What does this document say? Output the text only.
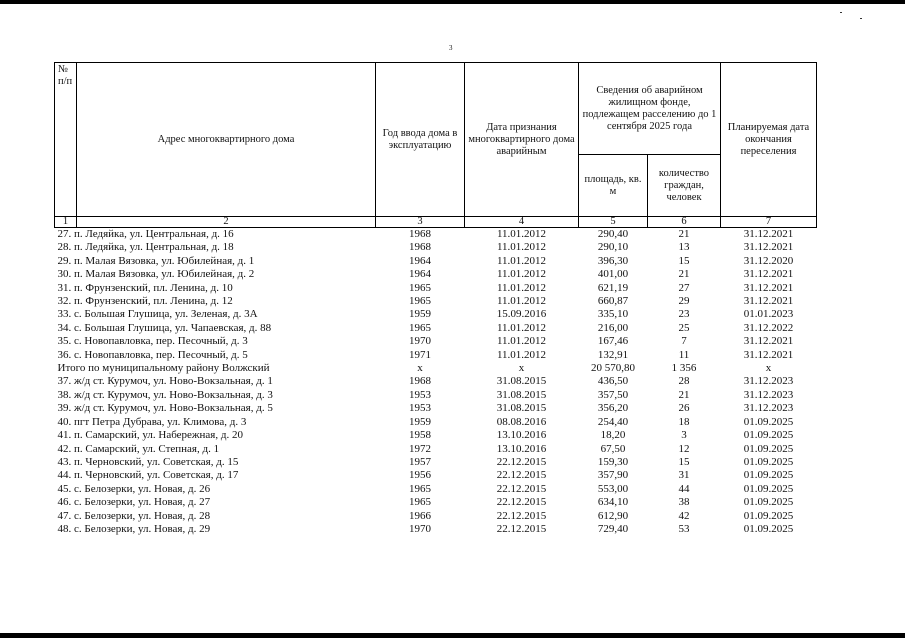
3
№ п/п	Адрес многоквартирного дома	Год ввода дома в эксплуатацию	Дата признания многоквартирного дома аварийным	Сведения об аварийном жилищном фонде, подлежащем расселению до 1 сентября 2025 года		Планируемая дата окончания переселения
				площадь, кв. м	количество граждан, человек	
1	2	3	4	5	6	7
27. п. Ледяйка, ул. Центральная, д. 16		1968	11.01.2012	290,40	21	31.12.2021
28. п. Ледяйка, ул. Центральная, д. 18		1968	11.01.2012	290,10	13	31.12.2021
29. п. Малая Вязовка, ул. Юбилейная, д. 1		1964	11.01.2012	396,30	15	31.12.2020
30. п. Малая Вязовка, ул. Юбилейная, д. 2		1964	11.01.2012	401,00	21	31.12.2021
31. п. Фрунзенский, пл. Ленина, д. 10		1965	11.01.2012	621,19	27	31.12.2021
32. п. Фрунзенский, пл. Ленина, д. 12		1965	11.01.2012	660,87	29	31.12.2021
33. с. Большая Глушица, ул. Зеленая, д. 3А		1959	15.09.2016	335,10	23	01.01.2023
34. с. Большая Глушица, ул. Чапаевская, д. 88		1965	11.01.2012	216,00	25	31.12.2022
35. с. Новопавловка, пер. Песочный, д. 3		1970	11.01.2012	167,46	7	31.12.2021
36. с. Новопавловка, пер. Песочный, д. 5		1971	11.01.2012	132,91	11	31.12.2021
Итого по муниципальному району Волжский		х	х	20 570,80	1 356	х
37. ж/д ст. Курумоч, ул. Ново-Вокзальная, д. 1		1968	31.08.2015	436,50	28	31.12.2023
38. ж/д ст. Курумоч, ул. Ново-Вокзальная, д. 3		1953	31.08.2015	357,50	21	31.12.2023
39. ж/д ст. Курумоч, ул. Ново-Вокзальная, д. 5		1953	31.08.2015	356,20	26	31.12.2023
40. пгт Петра Дубрава, ул. Климова, д. 3		1959	08.08.2016	254,40	18	01.09.2025
41. п. Самарский, ул. Набережная, д. 20		1958	13.10.2016	18,20	3	01.09.2025
42. п. Самарский, ул. Степная, д. 1		1972	13.10.2016	67,50	12	01.09.2025
43. п. Черновский, ул. Советская, д. 15		1957	22.12.2015	159,30	15	01.09.2025
44. п. Черновский, ул. Советская, д. 17		1956	22.12.2015	357,90	31	01.09.2025
45. с. Белозерки, ул. Новая, д. 26		1965	22.12.2015	553,00	44	01.09.2025
46. с. Белозерки, ул. Новая, д. 27		1965	22.12.2015	634,10	38	01.09.2025
47. с. Белозерки, ул. Новая, д. 28		1966	22.12.2015	612,90	42	01.09.2025
48. с. Белозерки, ул. Новая, д. 29		1970	22.12.2015	729,40	53	01.09.2025
